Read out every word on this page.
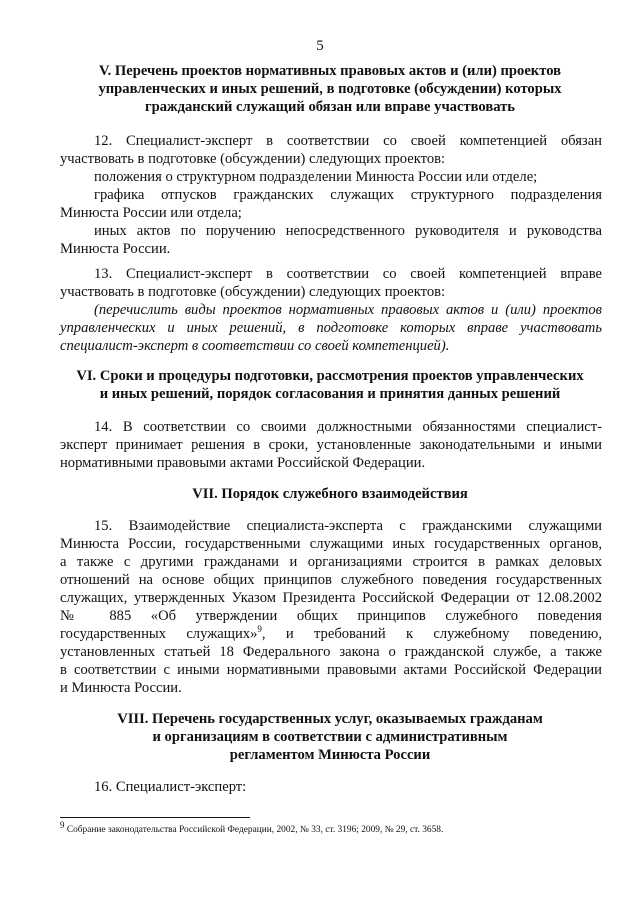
5
V. Перечень проектов нормативных правовых актов и (или) проектов
управленческих и иных решений, в подготовке (обсуждении) которых
гражданский служащий обязан или вправе участвовать
12. Специалист-эксперт в соответствии со своей компетенцией обязан
участвовать в подготовке (обсуждении) следующих проектов:
положения о структурном подразделении Минюста России или отделе;
графика отпусков гражданских служащих структурного подразделения
Минюста России или отдела;
иных актов по поручению непосредственного руководителя и руководства
Минюста России.
13. Специалист-эксперт в соответствии со своей компетенцией вправе
участвовать в подготовке (обсуждении) следующих проектов:
(перечислить виды проектов нормативных правовых актов и (или) проектов
управленческих и иных решений, в подготовке которых вправе участвовать
специалист-эксперт в соответствии со своей компетенцией).
VI. Сроки и процедуры подготовки, рассмотрения проектов управленческих
и иных решений, порядок согласования и принятия данных решений
14. В соответствии со своими должностными обязанностями специалист-
эксперт принимает решения в сроки, установленные законодательными и иными
нормативными правовыми актами Российской Федерации.
VII. Порядок служебного взаимодействия
15. Взаимодействие специалиста-эксперта с гражданскими служащими
Минюста России, государственными служащими иных государственных органов,
а также с другими гражданами и организациями строится в рамках деловых
отношений на основе общих принципов служебного поведения государственных
служащих, утвержденных Указом Президента Российской Федерации от 12.08.2002
№ 885 «Об утверждении общих принципов служебного поведения
государственных служащих»$^9$, и требований к служебному поведению,
установленных статьей 18 Федерального закона о гражданской службе, а также
в соответствии с иными нормативными правовыми актами Российской Федерации
и Минюста России.
VIII. Перечень государственных услуг, оказываемых гражданам
и организациям в соответствии с административным
регламентом Минюста России
16. Специалист-эксперт:
$^9$ Собрание законодательства Российской Федерации, 2002, № 33, ст. 3196; 2009, № 29, ст. 3658.
